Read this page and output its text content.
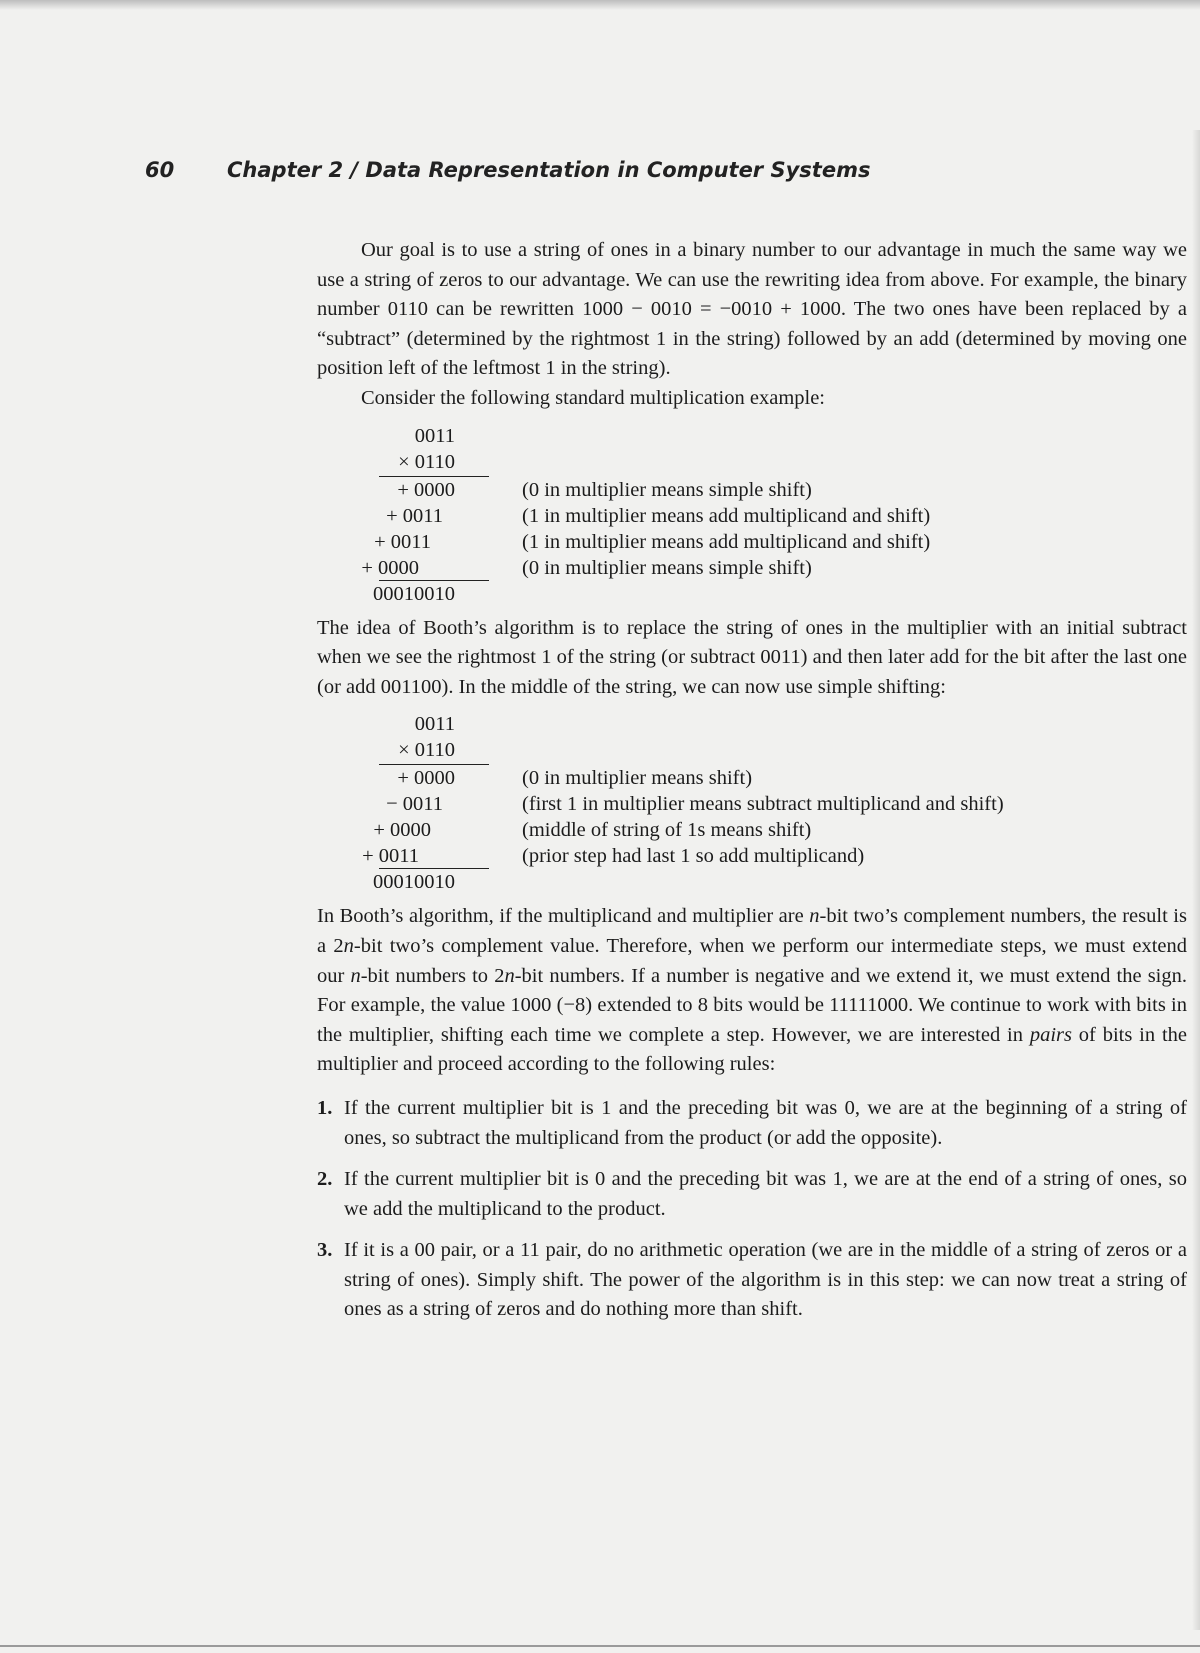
60	Chapter 2 / Data Representation in Computer Systems

Our goal is to use a string of ones in a binary number to our advantage in much the same way we use a string of zeros to our advantage. We can use the rewriting idea from above. For example, the binary number 0110 can be rewritten 1000 − 0010 = −0010 + 1000. The two ones have been replaced by a “subtract” (determined by the rightmost 1 in the string) followed by an add (determined by moving one position left of the leftmost 1 in the string).

Consider the following standard multiplication example:

0011
× 0110
+ 0000	(0 in multiplier means simple shift)
+ 0011	(1 in multiplier means add multiplicand and shift)
+ 0011	(1 in multiplier means add multiplicand and shift)
+ 0000	(0 in multiplier means simple shift)
00010010

The idea of Booth’s algorithm is to replace the string of ones in the multiplier with an initial subtract when we see the rightmost 1 of the string (or subtract 0011) and then later add for the bit after the last one (or add 001100). In the middle of the string, we can now use simple shifting:

0011
× 0110
+ 0000	(0 in multiplier means shift)
− 0011	(first 1 in multiplier means subtract multiplicand and shift)
+ 0000	(middle of string of 1s means shift)
+ 0011	(prior step had last 1 so add multiplicand)
00010010

In Booth’s algorithm, if the multiplicand and multiplier are n-bit two’s complement numbers, the result is a 2n-bit two’s complement value. Therefore, when we perform our intermediate steps, we must extend our n-bit numbers to 2n-bit numbers. If a number is negative and we extend it, we must extend the sign. For example, the value 1000 (−8) extended to 8 bits would be 11111000. We continue to work with bits in the multiplier, shifting each time we complete a step. However, we are interested in pairs of bits in the multiplier and proceed according to the following rules:

1. If the current multiplier bit is 1 and the preceding bit was 0, we are at the beginning of a string of ones, so subtract the multiplicand from the product (or add the opposite).
2. If the current multiplier bit is 0 and the preceding bit was 1, we are at the end of a string of ones, so we add the multiplicand to the product.
3. If it is a 00 pair, or a 11 pair, do no arithmetic operation (we are in the middle of a string of zeros or a string of ones). Simply shift. The power of the algorithm is in this step: we can now treat a string of ones as a string of zeros and do nothing more than shift.
